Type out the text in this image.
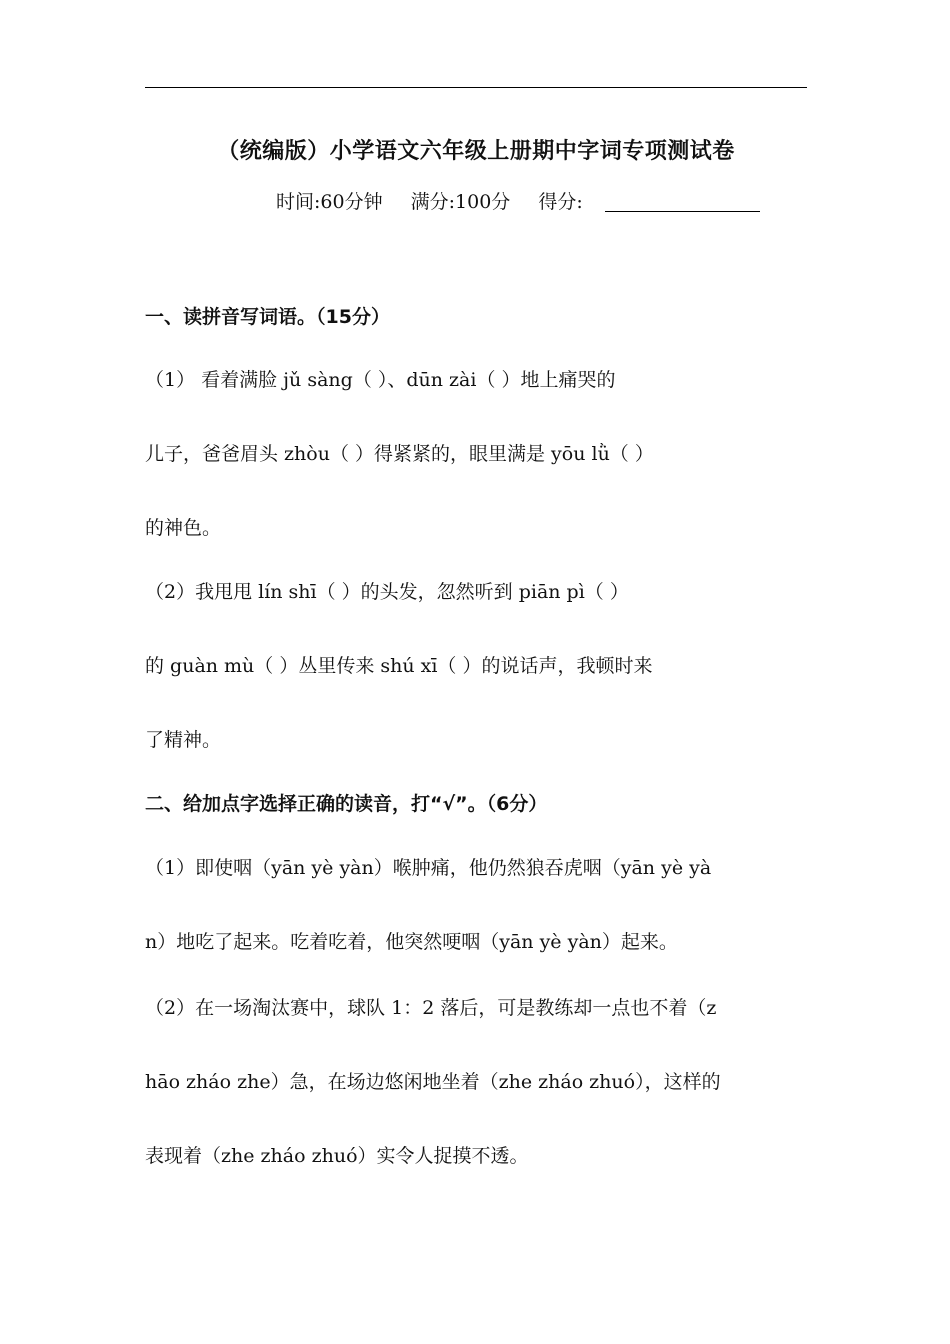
（统编版）小学语文六年级上册期中字词专项测试卷
时间:60分钟 满分:100分 得分:
一、读拼音写词语。（15分）
（1） 看着满脸 jǔ sàng（ ）、dūn zài（ ）地上痛哭的
儿子，爸爸眉头 zhòu（ ）得紧紧的，眼里满是 yōu lǜ（ ）
的神色。
（2）我甩甩 lín shī（ ）的头发，忽然听到 piān pì（ ）
的 guàn mù（ ）丛里传来 shú xī（ ）的说话声，我顿时来
了精神。
二、给加点字选择正确的读音，打“√”。（6分）
（1）即使咽（yān yè yàn）喉肿痛，他仍然狼吞虎咽（yān yè yà
n）地吃了起来。吃着吃着，他突然哽咽（yān yè yàn）起来。
（2）在一场淘汰赛中，球队 1：2 落后，可是教练却一点也不着（z
hāo zháo zhe）急，在场边悠闲地坐着（zhe zháo zhuó），这样的
表现着（zhe zháo zhuó）实令人捉摸不透。
